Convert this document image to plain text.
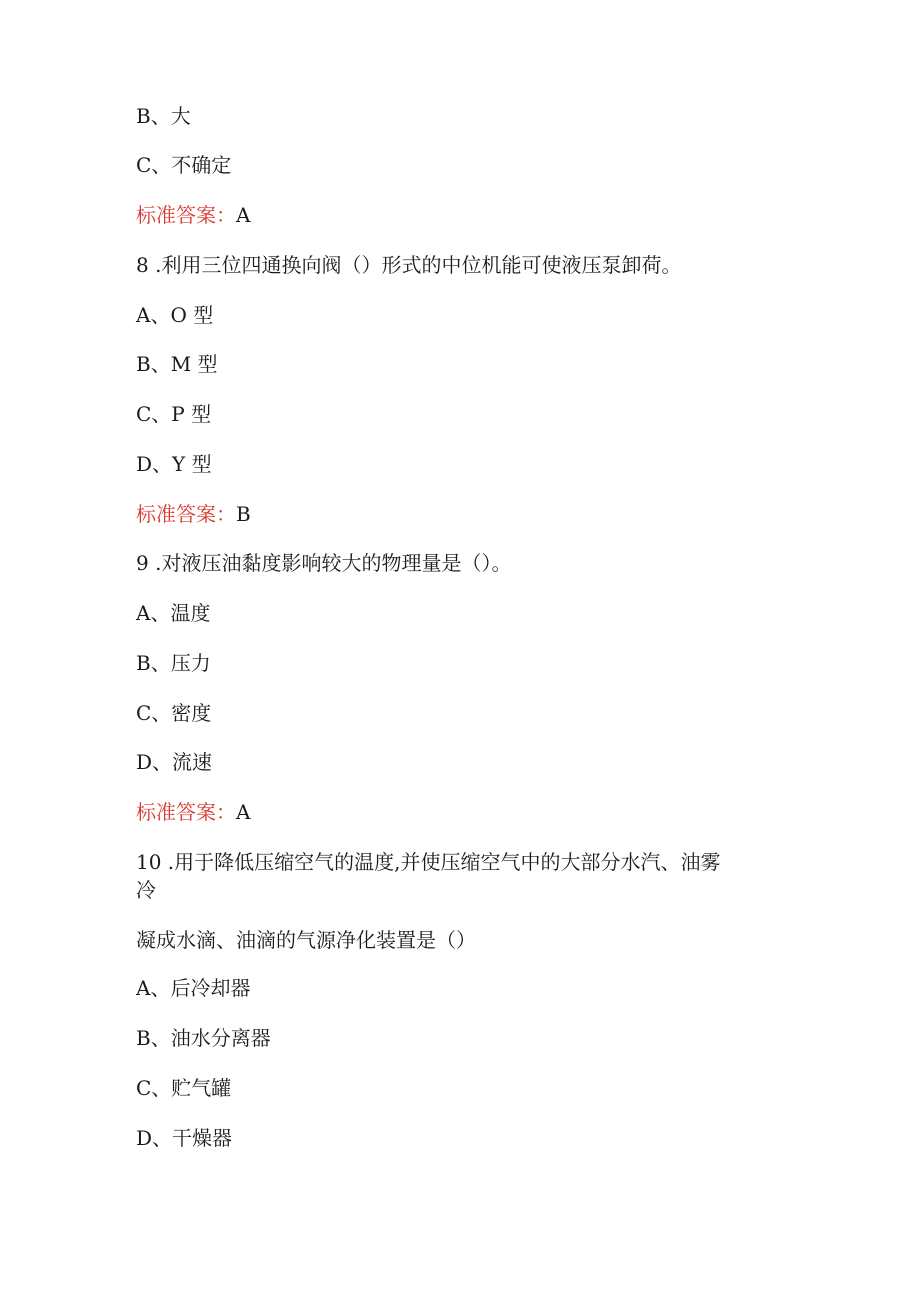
B、大
C、不确定
标准答案：A
8 .利用三位四通换向阀（）形式的中位机能可使液压泵卸荷。
A、O 型
B、M 型
C、P 型
D、Y 型
标准答案：B
9 .对液压油黏度影响较大的物理量是（）。
A、温度
B、压力
C、密度
D、流速
标准答案：A
10 .用于降低压缩空气的温度,并使压缩空气中的大部分水汽、油雾
冷
凝成水滴、油滴的气源净化装置是（）
A、后冷却器
B、油水分离器
C、贮气罐
D、干燥器
